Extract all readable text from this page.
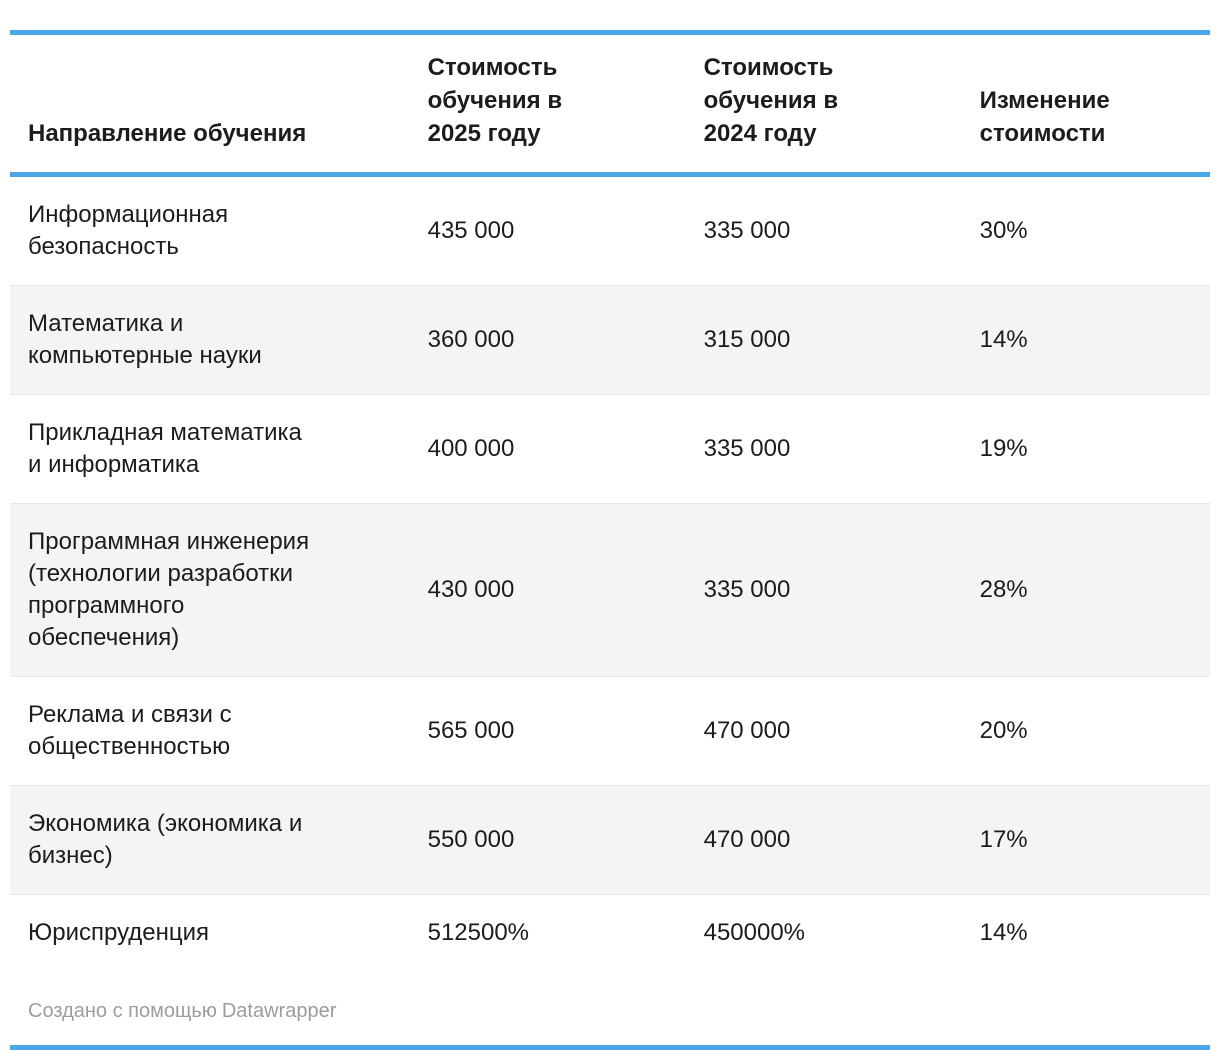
Направление обучения	Стоимость обучения в 2025 году	Стоимость обучения в 2024 году	Изменение стоимости
Информационная безопасность	435 000	335 000	30%
Математика и компьютерные науки	360 000	315 000	14%
Прикладная математика и информатика	400 000	335 000	19%
Программная инженерия (технологии разработки программного обеспечения)	430 000	335 000	28%
Реклама и связи с общественностью	565 000	470 000	20%
Экономика (экономика и бизнес)	550 000	470 000	17%
Юриспруденция	512500%	450000%	14%
Создано с помощью Datawrapper
